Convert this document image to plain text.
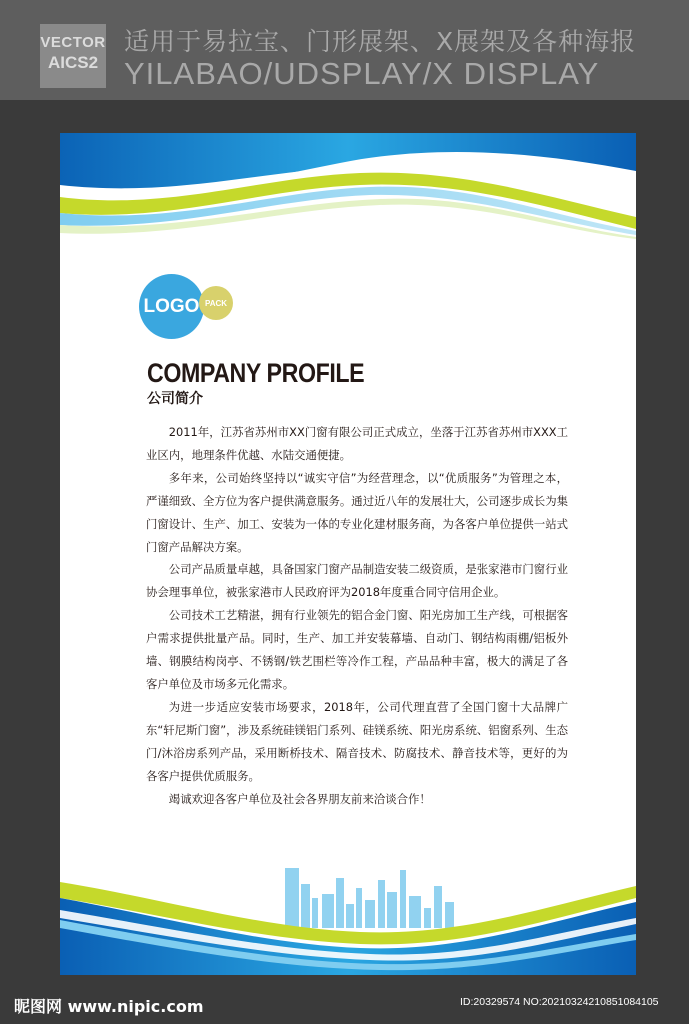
VECTOR
AICS2
适用于易拉宝、门形展架、X展架及各种海报
YILABAO/UDSPLAY/X DISPLAY
LOGO PACK
COMPANY PROFILE
公司简介

2011年，江苏省苏州市XX门窗有限公司正式成立，坐落于江苏省苏州市XXX工业区内，地理条件优越、水陆交通便捷。

多年来，公司始终坚持以“诚实守信”为经营理念，以“优质服务”为管理之本，严谨细致、全方位为客户提供满意服务。通过近八年的发展壮大，公司逐步成长为集门窗设计、生产、加工、安装为一体的专业化建材服务商，为各客户单位提供一站式门窗产品解决方案。

公司产品质量卓越，具备国家门窗产品制造安装二级资质，是张家港市门窗行业协会理事单位，被张家港市人民政府评为2018年度重合同守信用企业。

公司技术工艺精湛，拥有行业领先的铝合金门窗、阳光房加工生产线，可根据客户需求提供批量产品。同时，生产、加工并安装幕墙、自动门、钢结构雨棚/铝板外墙、钢膜结构岗亭、不锈钢/铁艺围栏等冷作工程，产品品种丰富，极大的满足了各客户单位及市场多元化需求。

为进一步适应安装市场要求，2018年，公司代理直营了全国门窗十大品牌广东“轩尼斯门窗”，涉及系统硅镁铝门系列、硅镁系统、阳光房系统、铝窗系列、生态门/沐浴房系列产品，采用断桥技术、隔音技术、防腐技术、静音技术等，更好的为各客户提供优质服务。

竭诚欢迎各客户单位及社会各界朋友前来洽谈合作！

昵图网 www.nipic.com	ID:20329574 NO:20210324210851084105
